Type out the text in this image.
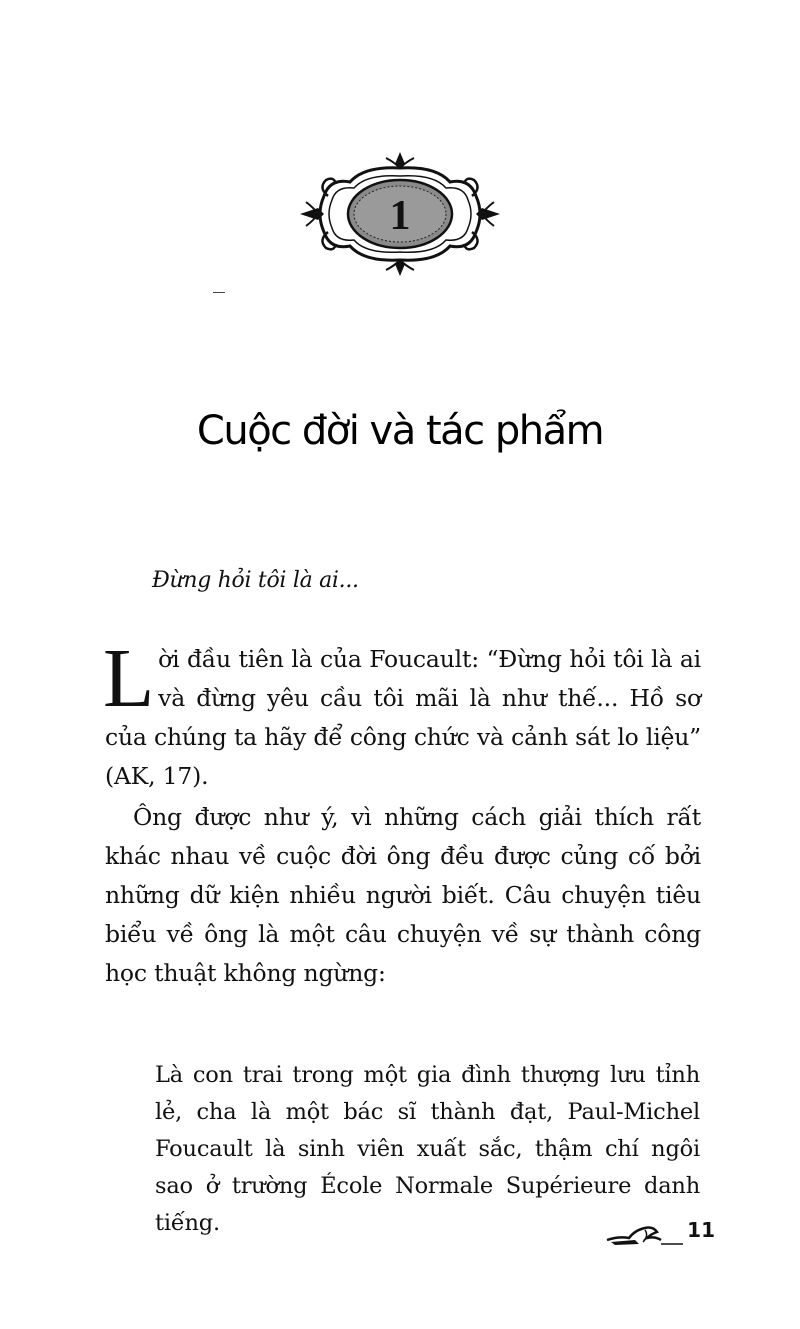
1
Cuộc đời và tác phẩm
Đừng hỏi tôi là ai...

Lời đầu tiên là của Foucault: “Đừng hỏi tôi là ai và đừng yêu cầu tôi mãi là như thế... Hồ sơ của chúng ta hãy để công chức và cảnh sát lo liệu” (AK, 17).

Ông được như ý, vì những cách giải thích rất khác nhau về cuộc đời ông đều được củng cố bởi những dữ kiện nhiều người biết. Câu chuyện tiêu biểu về ông là một câu chuyện về sự thành công học thuật không ngừng:

Là con trai trong một gia đình thượng lưu tỉnh lẻ, cha là một bác sĩ thành đạt, Paul-Michel Foucault là sinh viên xuất sắc, thậm chí ngôi sao ở trường École Normale Supérieure danh tiếng.	11
